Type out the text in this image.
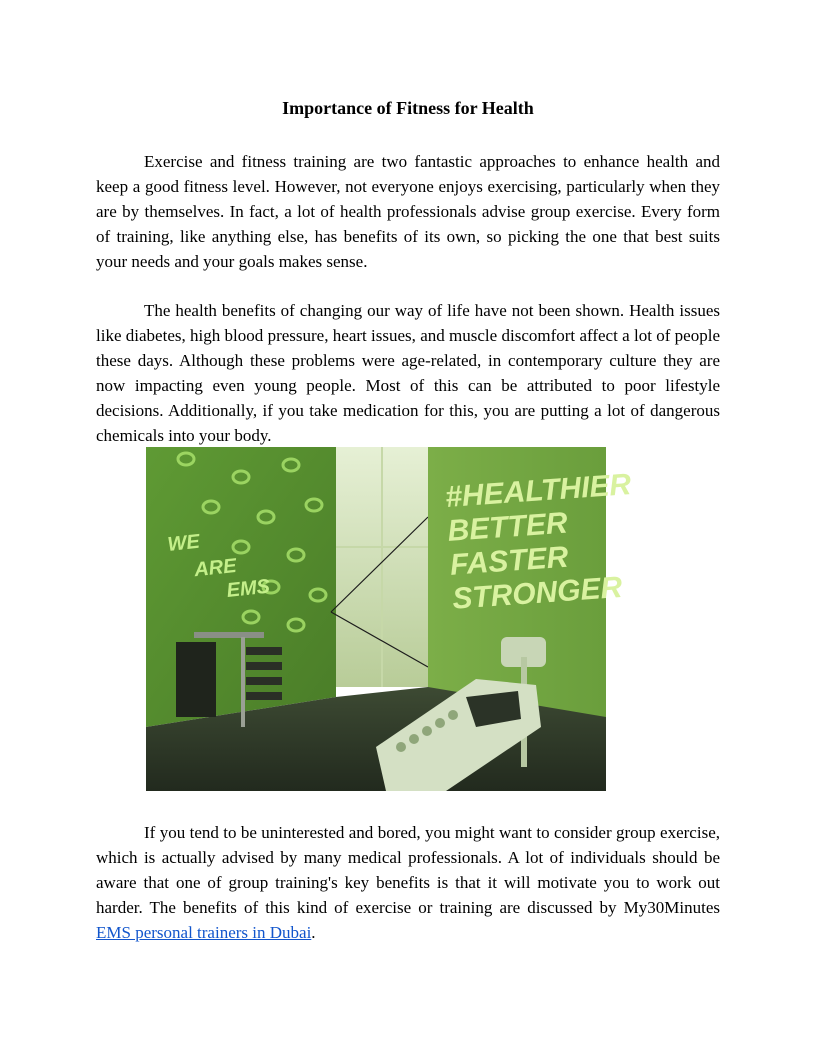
Importance of Fitness for Health

Exercise and fitness training are two fantastic approaches to enhance health and keep a good fitness level. However, not everyone enjoys exercising, particularly when they are by themselves. In fact, a lot of health professionals advise group exercise. Every form of training, like anything else, has benefits of its own, so picking the one that best suits your needs and your goals makes sense.

The health benefits of changing our way of life have not been shown. Health issues like diabetes, high blood pressure, heart issues, and muscle discomfort affect a lot of people these days. Although these problems were age-related, in contemporary culture they are now impacting even young people. Most of this can be attributed to poor lifestyle decisions. Additionally, if you take medication for this, you are putting a lot of dangerous chemicals into your body.

WE
ARE
EMS
#HEALTHIER
BETTER
FASTER
STRONGER

If you tend to be uninterested and bored, you might want to consider group exercise, which is actually advised by many medical professionals. A lot of individuals should be aware that one of group training's key benefits is that it will motivate you to work out harder. The benefits of this kind of exercise or training are discussed by My30Minutes EMS personal trainers in Dubai.
